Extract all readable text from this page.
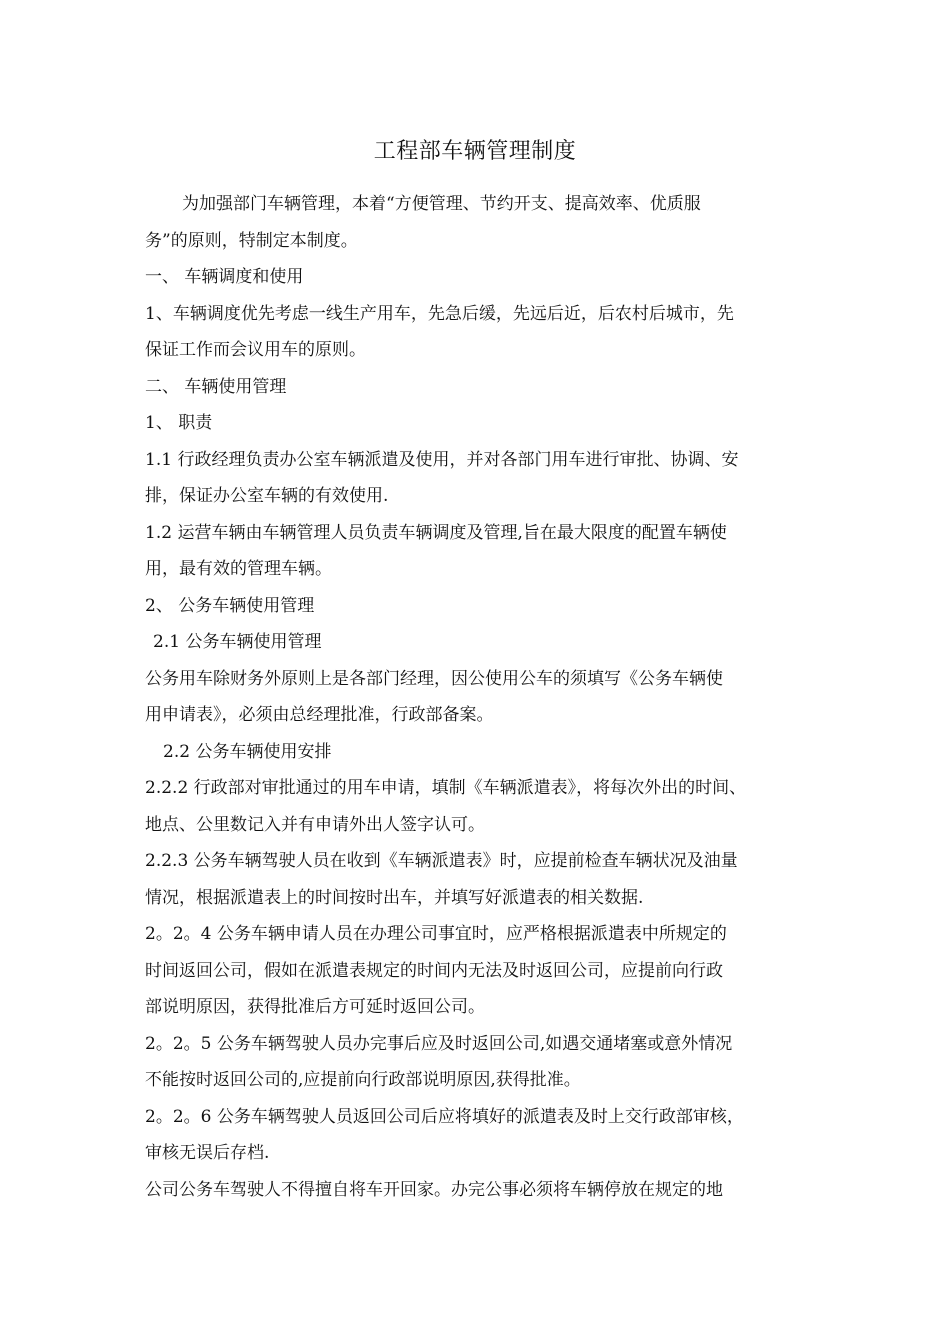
工程部车辆管理制度
为加强部门车辆管理，本着“方便管理、节约开支、提高效率、优质服
务”的原则，特制定本制度。
一、 车辆调度和使用
1、车辆调度优先考虑一线生产用车，先急后缓，先远后近，后农村后城市，先
保证工作而会议用车的原则。
二、 车辆使用管理
1、 职责
1.1 行政经理负责办公室车辆派遣及使用，并对各部门用车进行审批、协调、安
排，保证办公室车辆的有效使用.
1.2 运营车辆由车辆管理人员负责车辆调度及管理,旨在最大限度的配置车辆使
用，最有效的管理车辆。
2、 公务车辆使用管理
2.1 公务车辆使用管理
公务用车除财务外原则上是各部门经理，因公使用公车的须填写《公务车辆使
用申请表》，必须由总经理批准，行政部备案。
2.2 公务车辆使用安排
2.2.2 行政部对审批通过的用车申请，填制《车辆派遣表》，将每次外出的时间、
地点、公里数记入并有申请外出人签字认可。
2.2.3 公务车辆驾驶人员在收到《车辆派遣表》时，应提前检查车辆状况及油量
情况，根据派遣表上的时间按时出车，并填写好派遣表的相关数据.
2。2。4 公务车辆申请人员在办理公司事宜时，应严格根据派遣表中所规定的
时间返回公司，假如在派遣表规定的时间内无法及时返回公司，应提前向行政
部说明原因，获得批准后方可延时返回公司。
2。2。5 公务车辆驾驶人员办完事后应及时返回公司,如遇交通堵塞或意外情况
不能按时返回公司的,应提前向行政部说明原因,获得批准。
2。2。6 公务车辆驾驶人员返回公司后应将填好的派遣表及时上交行政部审核，
审核无误后存档.
公司公务车驾驶人不得擅自将车开回家。办完公事必须将车辆停放在规定的地
